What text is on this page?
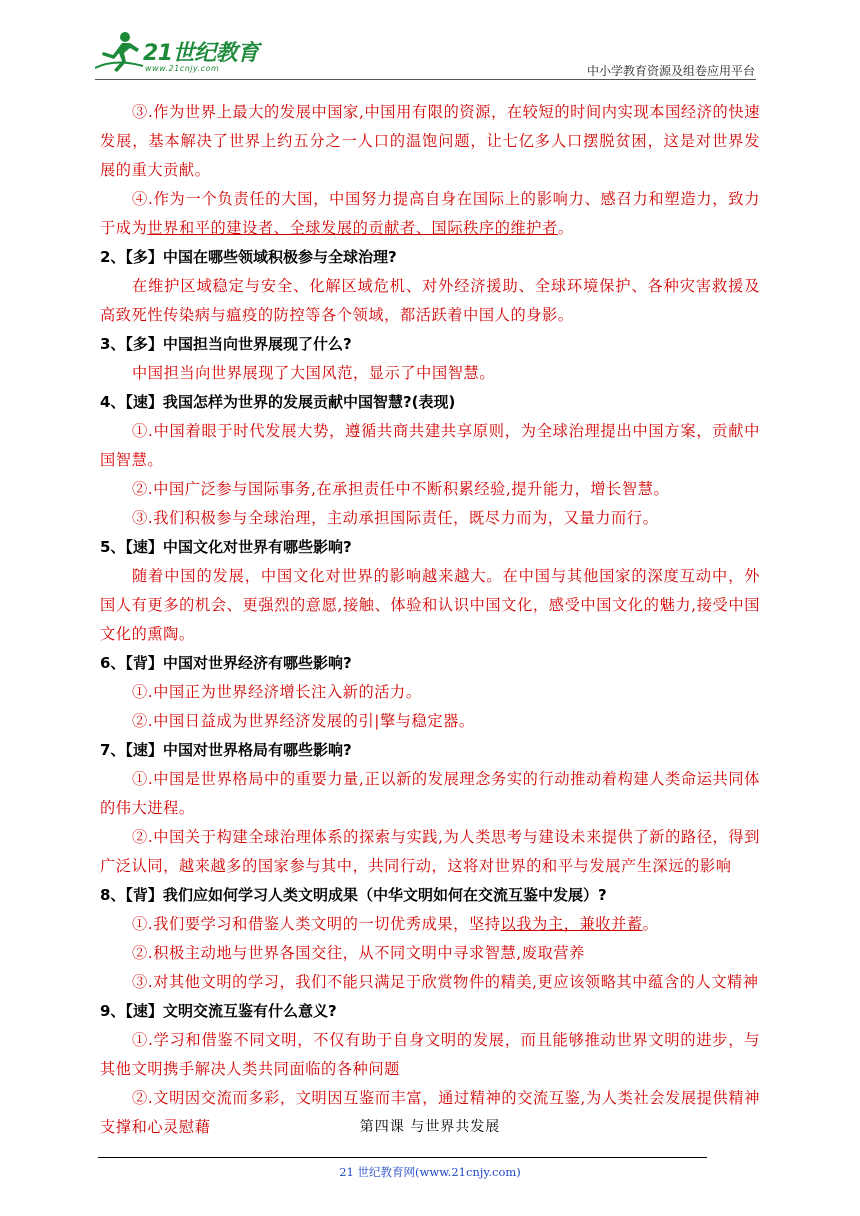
21世纪教育
www.21cnjy.com	中小学教育资源及组卷应用平台

③.作为世界上最大的发展中国家,中国用有限的资源，在较短的时间内实现本国经济的快速发展，基本解决了世界上约五分之一人口的温饱问题，让七亿多人口摆脱贫困，这是对世界发展的重大贡献。

④.作为一个负责任的大国，中国努力提高自身在国际上的影响力、感召力和塑造力，致力于成为世界和平的建设者、全球发展的贡献者、国际秩序的维护者。

2、【多】中国在哪些领域积极参与全球治理?

在维护区域稳定与安全、化解区域危机、对外经济援助、全球环境保护、各种灾害救援及高致死性传染病与瘟疫的防控等各个领域，都活跃着中国人的身影。

3、【多】中国担当向世界展现了什么?

中国担当向世界展现了大国风范，显示了中国智慧。

4、【速】我国怎样为世界的发展贡献中国智慧?(表现)

①.中国着眼于时代发展大势，遵循共商共建共享原则，为全球治理提出中国方案，贡献中国智慧。

②.中国广泛参与国际事务,在承担责任中不断积累经验,提升能力，增长智慧。

③.我们积极参与全球治理，主动承担国际责任，既尽力而为，又量力而行。

5、【速】中国文化对世界有哪些影响?

随着中国的发展，中国文化对世界的影响越来越大。在中国与其他国家的深度互动中，外国人有更多的机会、更强烈的意愿,接触、体验和认识中国文化，感受中国文化的魅力,接受中国文化的熏陶。

6、【背】中国对世界经济有哪些影响?

①.中国正为世界经济增长注入新的活力。

②.中国日益成为世界经济发展的引|擎与稳定器。

7、【速】中国对世界格局有哪些影响?

①.中国是世界格局中的重要力量,正以新的发展理念务实的行动推动着构建人类命运共同体的伟大进程。

②.中国关于构建全球治理体系的探索与实践,为人类思考与建设未来提供了新的路径，得到广泛认同，越来越多的国家参与其中，共同行动，这将对世界的和平与发展产生深远的影响

8、【背】我们应如何学习人类文明成果（中华文明如何在交流互鉴中发展）?

①.我们要学习和借鉴人类文明的一切优秀成果，坚持以我为主，兼收并蓄。

②.积极主动地与世界各国交往，从不同文明中寻求智慧,废取营养

③.对其他文明的学习，我们不能只满足于欣赏物件的精美,更应该领略其中蕴含的人文精神

9、【速】文明交流互鉴有什么意义?

①.学习和借鉴不同文明，不仅有助于自身文明的发展，而且能够推动世界文明的进步，与其他文明携手解决人类共同面临的各种问题

②.文明因交流而多彩，文明因互鉴而丰富，通过精神的交流互鉴,为人类社会发展提供精神支撑和心灵慰藉	第四课 与世界共发展
21 世纪教育网(www.21cnjy.com)
